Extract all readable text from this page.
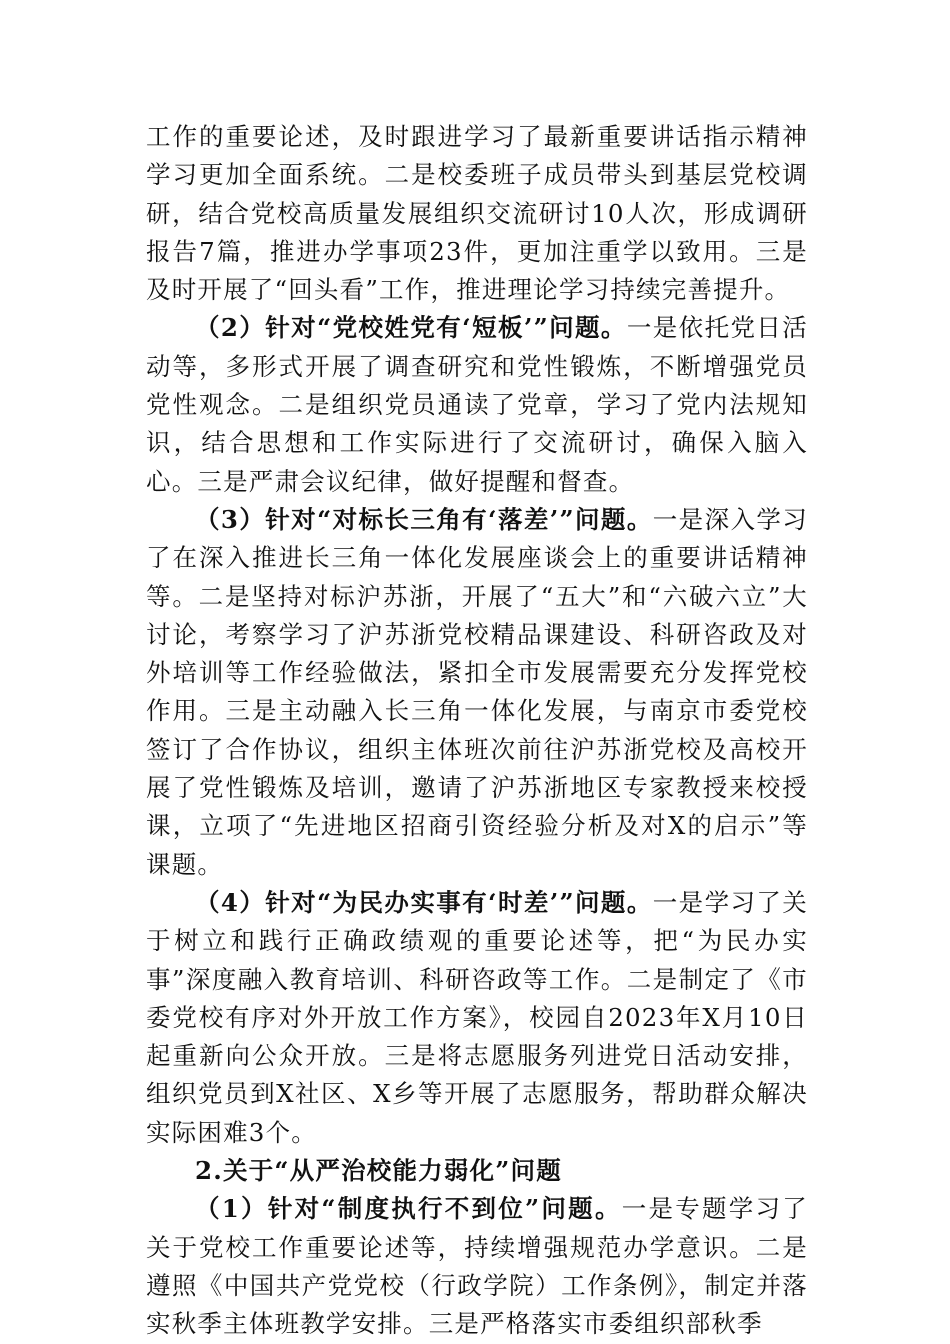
工作的重要论述，及时跟进学习了最新重要讲话指示精神学习更加全面系统。二是校委班子成员带头到基层党校调研，结合党校高质量发展组织交流研讨10人次，形成调研报告7篇，推进办学事项23件，更加注重学以致用。三是及时开展了“回头看”工作，推进理论学习持续完善提升。

（2）针对“党校姓党有‘短板’”问题。一是依托党日活动等，多形式开展了调查研究和党性锻炼，不断增强党员党性观念。二是组织党员通读了党章，学习了党内法规知识，结合思想和工作实际进行了交流研讨，确保入脑入心。三是严肃会议纪律，做好提醒和督查。

（3）针对“对标长三角有‘落差’”问题。一是深入学习了在深入推进长三角一体化发展座谈会上的重要讲话精神等。二是坚持对标沪苏浙，开展了“五大”和“六破六立”大讨论，考察学习了沪苏浙党校精品课建设、科研咨政及对外培训等工作经验做法，紧扣全市发展需要充分发挥党校作用。三是主动融入长三角一体化发展，与南京市委党校签订了合作协议，组织主体班次前往沪苏浙党校及高校开展了党性锻炼及培训，邀请了沪苏浙地区专家教授来校授课，立项了“先进地区招商引资经验分析及对X的启示”等课题。

（4）针对“为民办实事有‘时差’”问题。一是学习了关于树立和践行正确政绩观的重要论述等，把“为民办实事”深度融入教育培训、科研咨政等工作。二是制定了《市委党校有序对外开放工作方案》，校园自2023年X月10日起重新向公众开放。三是将志愿服务列进党日活动安排，组织党员到X社区、X乡等开展了志愿服务，帮助群众解决实际困难3个。

2.关于“从严治校能力弱化”问题

（1）针对“制度执行不到位”问题。一是专题学习了关于党校工作重要论述等，持续增强规范办学意识。二是遵照《中国共产党党校（行政学院）工作条例》，制定并落实秋季主体班教学安排。三是严格落实市委组织部秋季
